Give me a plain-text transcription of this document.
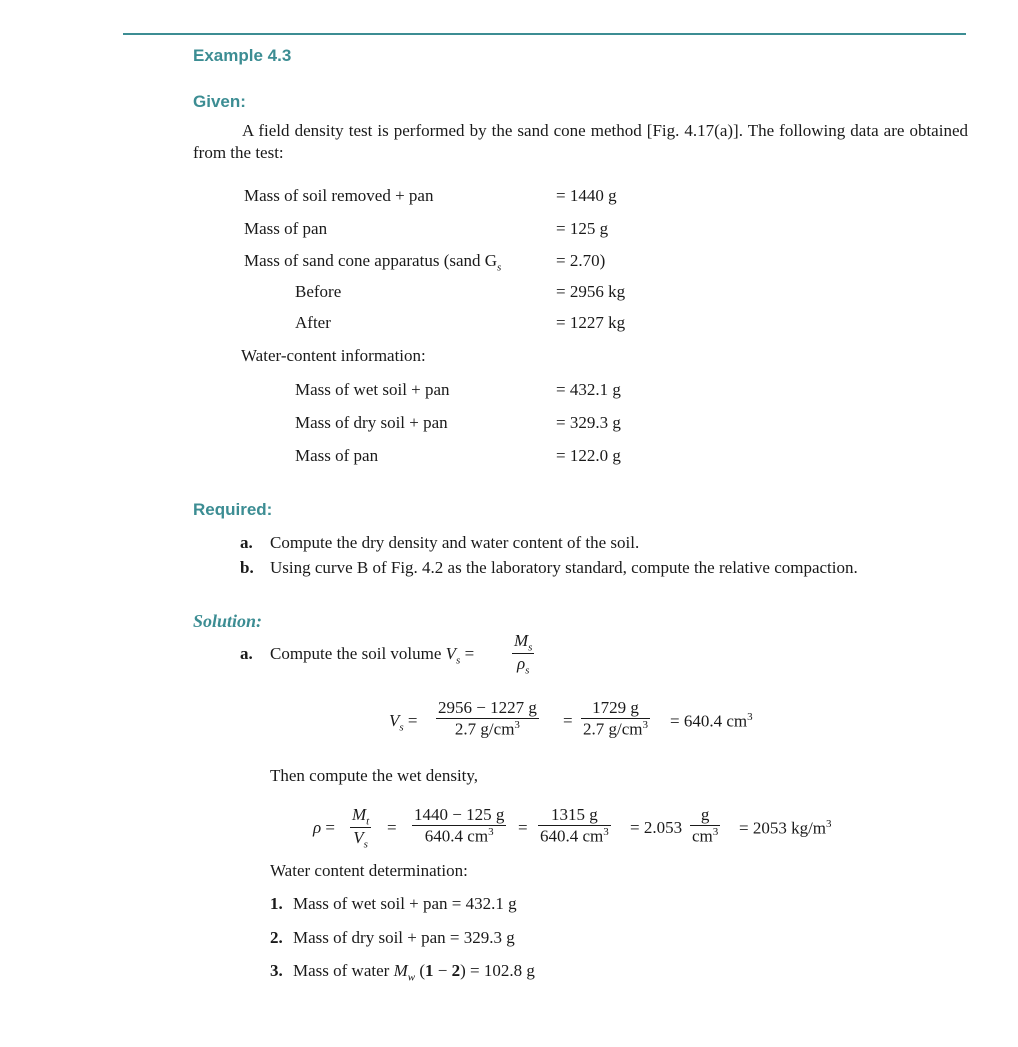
Example 4.3
Given:
A field density test is performed by the sand cone method [Fig. 4.17(a)]. The following data are obtained from the test:
Mass of soil removed + pan	= 1440 g
Mass of pan	= 125 g
Mass of sand cone apparatus (sand $G_s$	= 2.70)
Before	= 2956 kg
After	= 1227 kg
Water-content information:
Mass of wet soil + pan	= 432.1 g
Mass of dry soil + pan	= 329.3 g
Mass of pan	= 122.0 g
Required:
a. Compute the dry density and water content of the soil.
b. Using curve B of Fig. 4.2 as the laboratory standard, compute the relative compaction.
Solution:
a. Compute the soil volume $V_s = \frac{M_s}{\rho_s}$
$V_s = \frac{2956 - 1227 g}{2.7 g/cm^3} = \frac{1729 g}{2.7 g/cm^3} = 640.4$ $cm^3$
Then compute the wet density,
$\rho = \frac{M_t}{V_s} = \frac{1440 - 125 g}{640.4 cm^3} = \frac{1315 g}{640.4 cm^3} = 2.053 \frac{g}{cm^3} = 2053$ $kg/m^3$
Water content determination:
1. Mass of wet soil + pan = 432.1 g
2. Mass of dry soil + pan = 329.3 g
3. Mass of water $M_w$ (1 − 2) = 102.8 g
